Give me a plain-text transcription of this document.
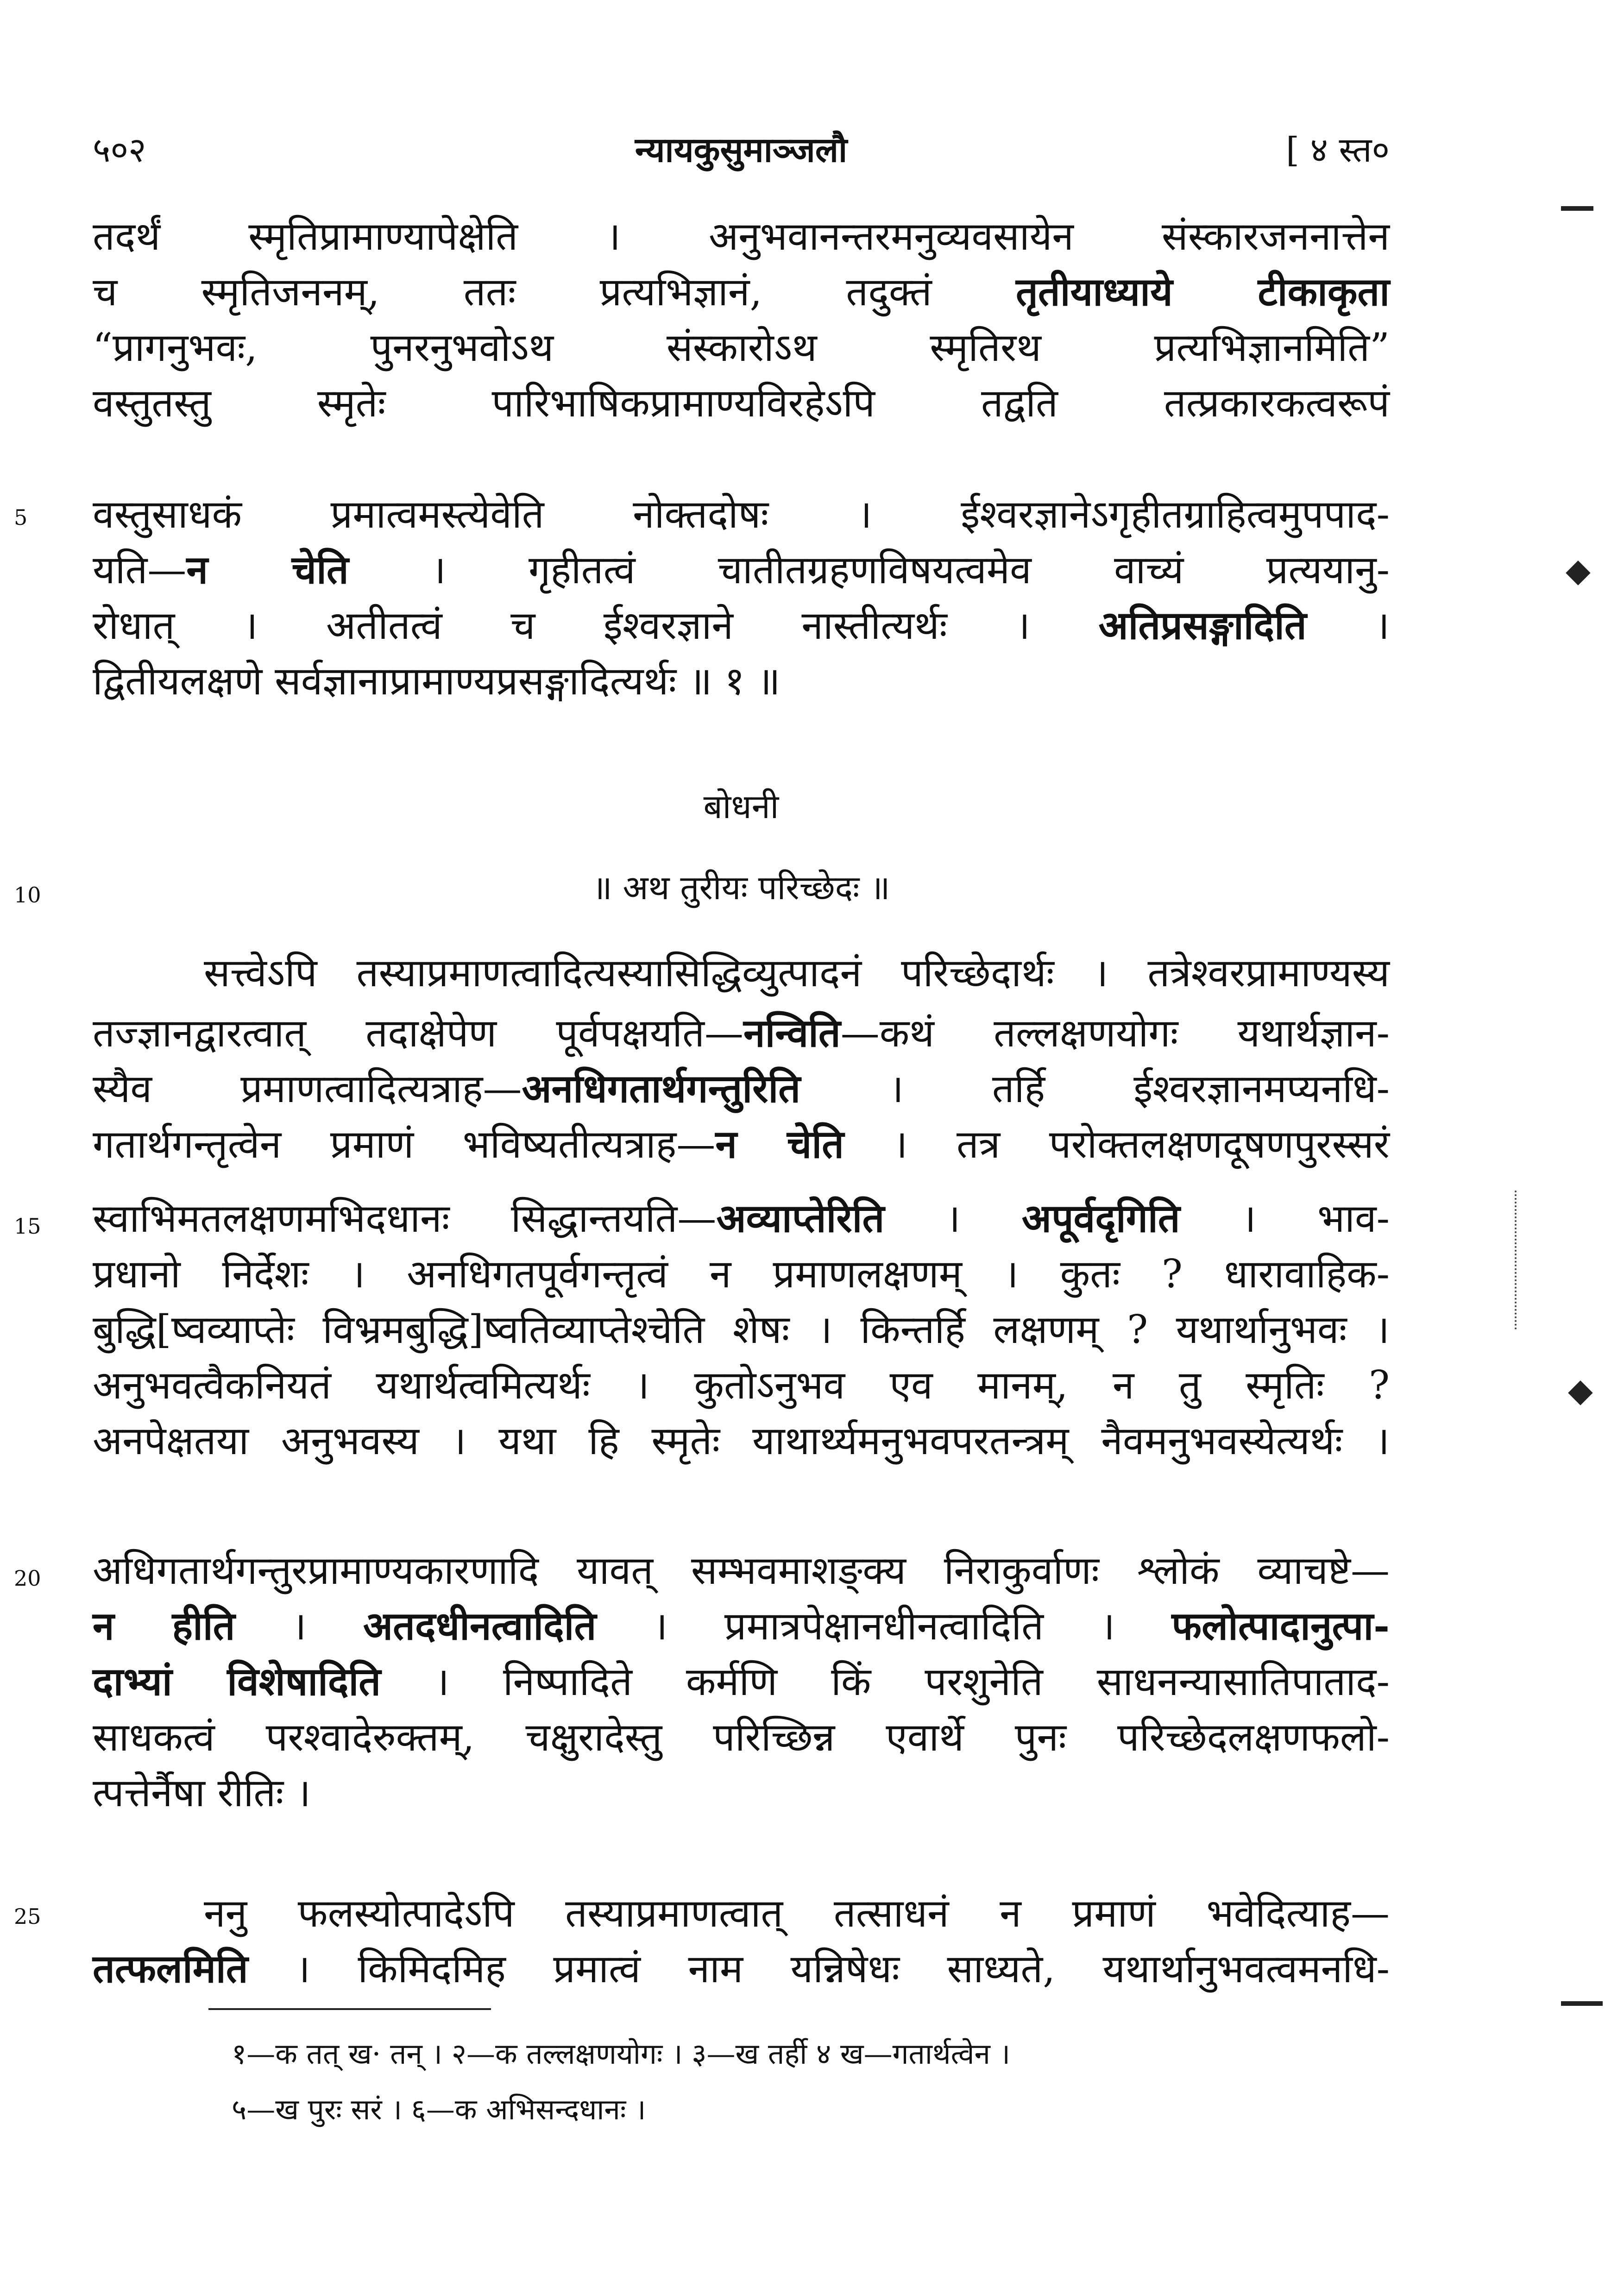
५०२	न्यायकुसुमाञ्जलौ	[ ४ स्त०
तदर्थं स्मृतिप्रामाण्यापेक्षेति । अनुभवानन्तरमनुव्यवसायेन संस्कारजननात्तेन
च स्मृतिजननम्, ततः प्रत्यभिज्ञानं, तदुक्तं तृतीयाध्याये टीकाकृता
“प्रागनुभवः, पुनरनुभवोऽथ संस्कारोऽथ स्मृतिरथ प्रत्यभिज्ञानमिति”
वस्तुतस्तु स्मृतेः पारिभाषिकप्रामाण्यविरहेऽपि तद्वति तत्प्रकारकत्वरूपं
वस्तुसाधकं प्रमात्वमस्त्येवेति नोक्तदोषः । ईश्वरज्ञानेऽगृहीतग्राहित्वमुपपाद-
यति—न चेति । गृहीतत्वं चातीतग्रहणविषयत्वमेव वाच्यं प्रत्ययानु-
रोधात् । अतीतत्वं च ईश्वरज्ञाने नास्तीत्यर्थः । अतिप्रसङ्गादिति ।
द्वितीयलक्षणे सर्वज्ञानाप्रामाण्यप्रसङ्गादित्यर्थः ॥ १ ॥
बोधनी
॥ अथ तुरीयः परिच्छेदः ॥
सत्त्वेऽपि तस्याप्रमाणत्वादित्यस्यासिद्धिव्युत्पादनं परिच्छेदार्थः । तत्रेश्वरप्रामाण्यस्य
तज्ज्ञानद्वारत्वात् तदाक्षेपेण पूर्वपक्षयति—नन्विति—कथं तल्लक्षणयोगः यथार्थज्ञान-
स्यैव प्रमाणत्वादित्यत्राह—अनधिगतार्थगन्तुरिति । तर्हि ईश्वरज्ञानमप्यनधि-
गतार्थगन्तृत्वेन प्रमाणं भविष्यतीत्यत्राह—न चेति । तत्र परोक्तलक्षणदूषणपुरस्सरं
स्वाभिमतलक्षणमभिदधानः सिद्धान्तयति—अव्याप्तेरिति । अपूर्वदृगिति । भाव-
प्रधानो निर्देशः । अनधिगतपूर्वगन्तृत्वं न प्रमाणलक्षणम् । कुतः ? धारावाहिक-
बुद्धि[ष्वव्याप्तेः विभ्रमबुद्धि]ष्वतिव्याप्तेश्चेति शेषः । किन्तर्हि लक्षणम् ? यथार्थानुभवः ।
अनुभवत्वैकनियतं यथार्थत्वमित्यर्थः । कुतोऽनुभव एव मानम्, न तु स्मृतिः ?
अनपेक्षतया अनुभवस्य । यथा हि स्मृतेः याथार्थ्यमनुभवपरतन्त्रम् नैवमनुभवस्येत्यर्थः ।
अधिगतार्थगन्तुरप्रामाण्यकारणादि यावत् सम्भवमाशङ्क्य निराकुर्वाणः श्लोकं व्याचष्टे—
न हीति । अतदधीनत्वादिति । प्रमात्रपेक्षानधीनत्वादिति । फलोत्पादानुत्पा-
दाभ्यां विशेषादिति । निष्पादिते कर्मणि किं परशुनेति साधनन्यासातिपाताद-
साधकत्वं परश्वादेरुक्तम्, चक्षुरादेस्तु परिच्छिन्न एवार्थे पुनः परिच्छेदलक्षणफलो-
त्पत्तेर्नैषा रीतिः ।
ननु फलस्योत्पादेऽपि तस्याप्रमाणत्वात् तत्साधनं न प्रमाणं भवेदित्याह—
तत्फलमिति । किमिदमिह प्रमात्वं नाम यन्निषेधः साध्यते, यथार्थानुभवत्वमनधि-
5
10
15
20
25
१—क तत् ख· तन् । २—क तल्लक्षणयोगः । ३—ख तर्ही ४ ख—गतार्थत्वेन ।
५—ख पुरः सरं । ६—क अभिसन्दधानः ।
◆
◆
